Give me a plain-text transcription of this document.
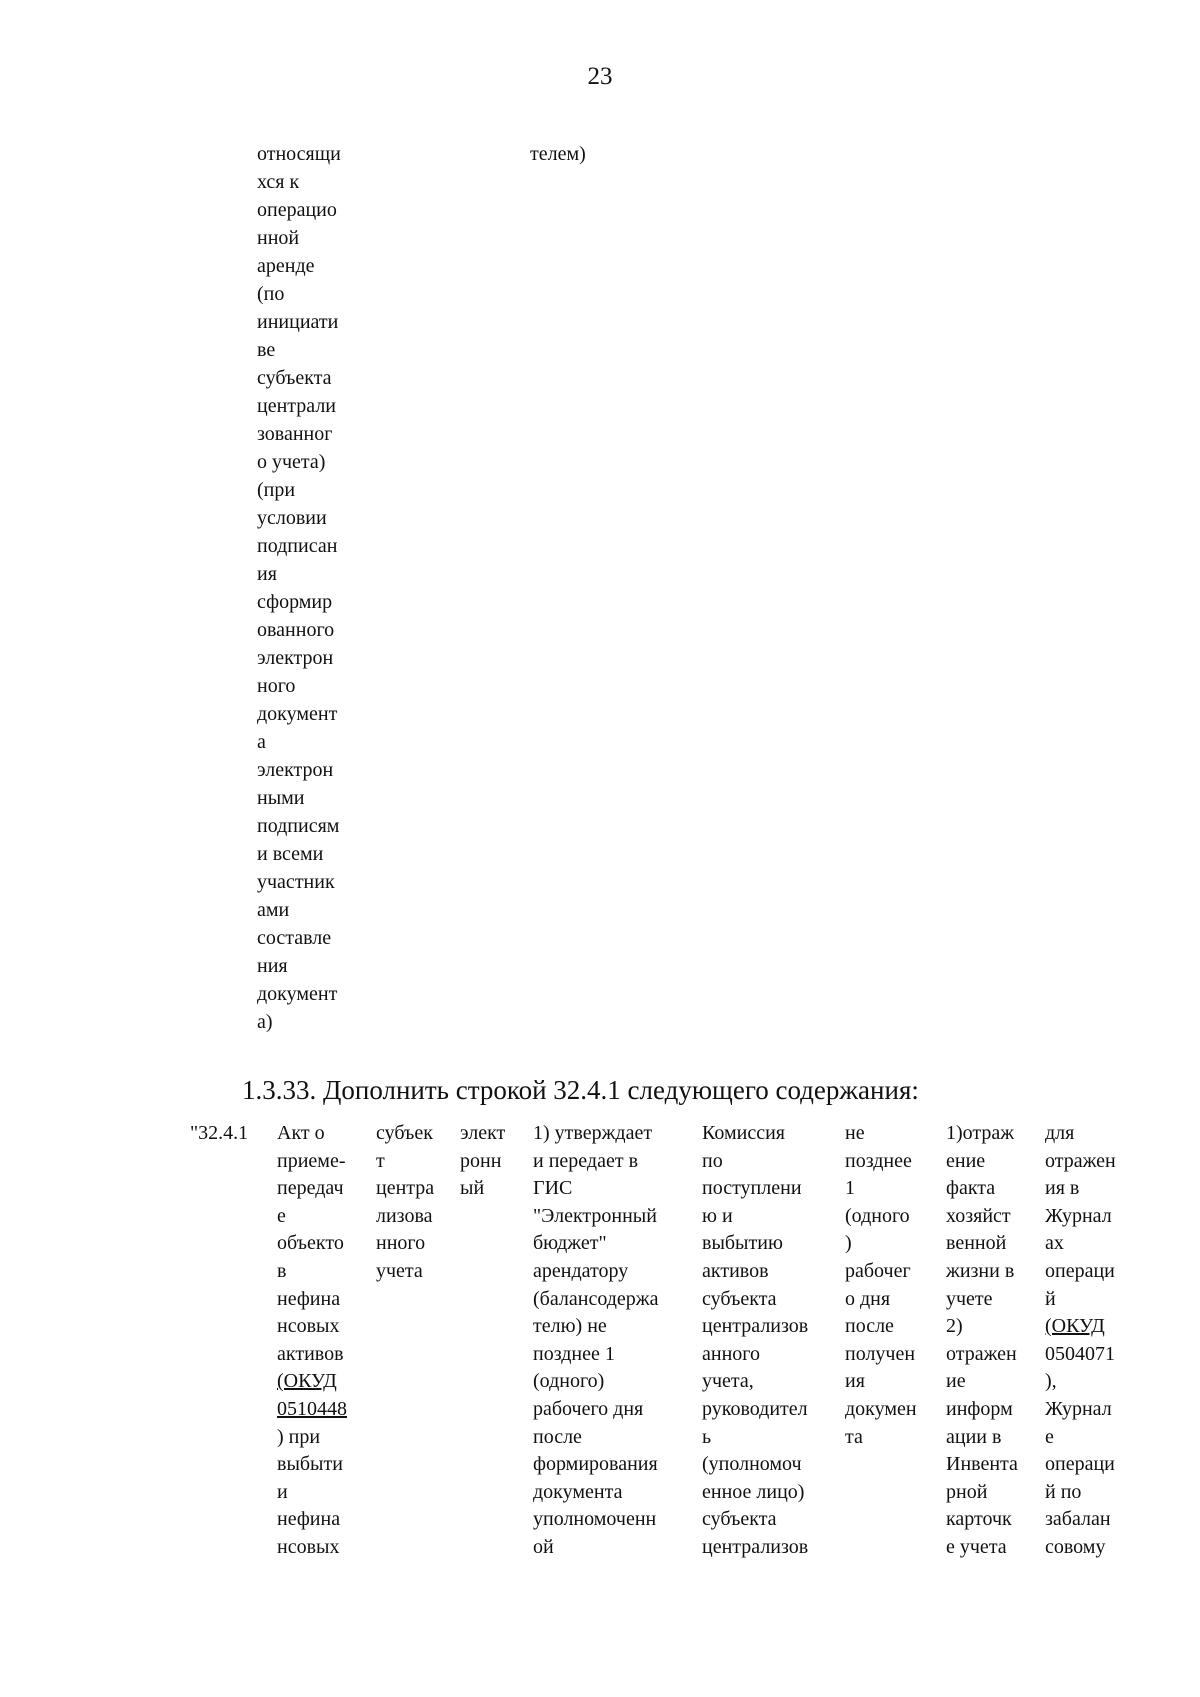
23
относящи
хся к
операцио
нной
аренде
(по
инициати
ве
субъекта
централи
зованног
о учета)
(при
условии
подписан
ия
сформир
ованного
электрон
ного
документ
а
электрон
ными
подписям
и всеми
участник
ами
составле
ния
документ
а)
телем)
1.3.33. Дополнить строкой 32.4.1 следующего содержания:
"32.4.1 Акт о
приеме-
передач
е
объекто
в
нефина
нсовых
активов
(ОКУД
0510448
) при
выбыти
и
нефина
нсовых
субъек
т
центра
лизова
нного
учета
элект
ронн
ый
1) утверждает
и передает в
ГИС
"Электронный
бюджет"
арендатору
(балансодержа
телю) не
позднее 1
(одного)
рабочего дня
после
формирования
документа
уполномоченн
ой
Комиссия
по
поступлени
ю и
выбытию
активов
субъекта
централизов
анного
учета,
руководител
ь
(уполномоч
енное лицо)
субъекта
централизов
не
позднее
1
(одного
)
рабочег
о дня
после
получен
ия
докумен
та
1)отраж
ение
факта
хозяйст
венной
жизни в
учете
2)
отражен
ие
информ
ации в
Инвента
рной
карточк
е учета
для
отражен
ия в
Журнал
ах
операци
й
(ОКУД
0504071
),
Журнал
е
операци
й по
забалан
совому
